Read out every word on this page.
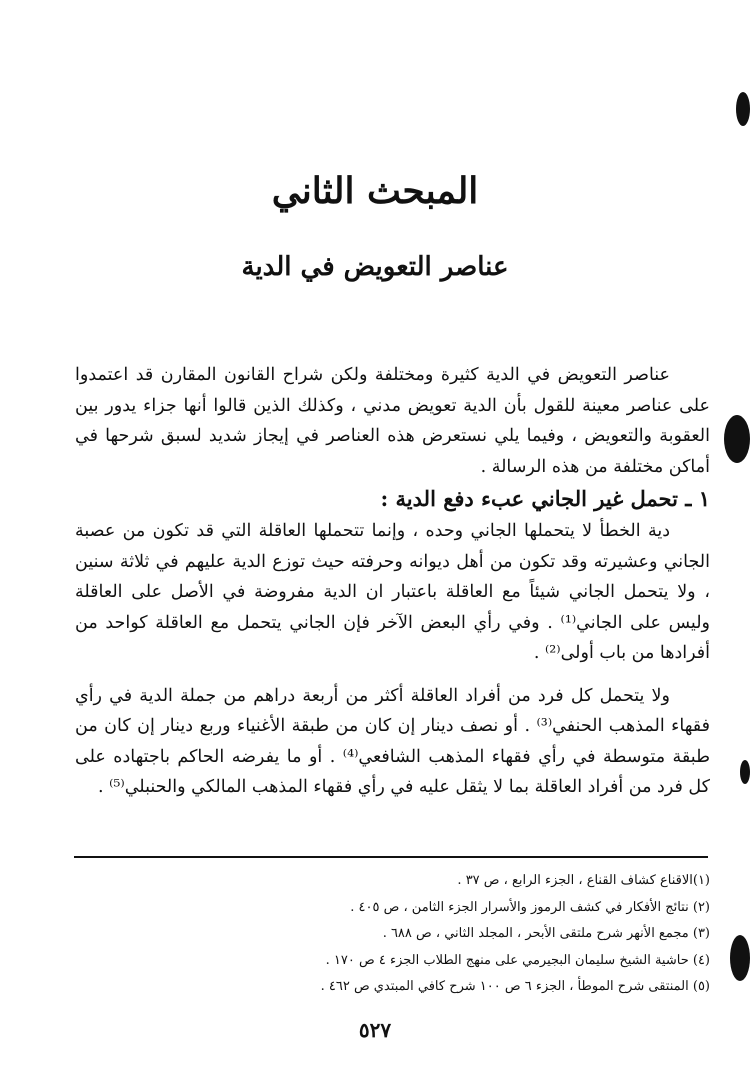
المبحث الثاني
عناصر التعويض في الدية

عناصر التعويض في الدية كثيرة ومختلفة ولكن شراح القانون المقارن قد اعتمدوا على عناصر معينة للقول بأن الدية تعويض مدني ، وكذلك الذين قالوا أنها جزاء يدور بين العقوبة والتعويض ، وفيما يلي نستعرض هذه العناصر في إيجاز شديد لسبق شرحها في أماكن مختلفة من هذه الرسالة .

١ ـ تحمل غير الجاني عبء دفع الدية :

دية الخطأ لا يتحملها الجاني وحده ، وإنما تتحملها العاقلة التي قد تكون من عصبة الجاني وعشيرته وقد تكون من أهل ديوانه وحرفته حيث توزع الدية عليهم في ثلاثة سنين ، ولا يتحمل الجاني شيئاً مع العاقلة باعتبار ان الدية مفروضة في الأصل على العاقلة وليس على الجاني⁽¹⁾ . وفي رأي البعض الآخر فإن الجاني يتحمل مع العاقلة كواحد من أفرادها من باب أولى⁽²⁾ .

ولا يتحمل كل فرد من أفراد العاقلة أكثر من أربعة دراهم من جملة الدية في رأي فقهاء المذهب الحنفي⁽³⁾ . أو نصف دينار إن كان من طبقة الأغنياء وربع دينار إن كان من طبقة متوسطة في رأي فقهاء المذهب الشافعي⁽⁴⁾ . أو ما يفرضه الحاكم باجتهاده على كل فرد من أفراد العاقلة بما لا يثقل عليه في رأي فقهاء المذهب المالكي والحنبلي⁽⁵⁾ .

(١)الاقناع كشاف القناع ، الجزء الرابع ، ص ٣٧ .
(٢) نتائج الأفكار في كشف الرموز والأسرار الجزء الثامن ، ص ٤٠٥ .
(٣) مجمع الأنهر شرح ملتقى الأبحر ، المجلد الثاني ، ص ٦٨٨ .
(٤) حاشية الشيخ سليمان البجيرمي على منهج الطلاب الجزء ٤ ص ١٧٠ .
(٥) المنتقى شرح الموطأ ، الجزء ٦ ص ١٠٠ شرح كافي المبتدي ص ٤٦٢ .
٥٢٧
